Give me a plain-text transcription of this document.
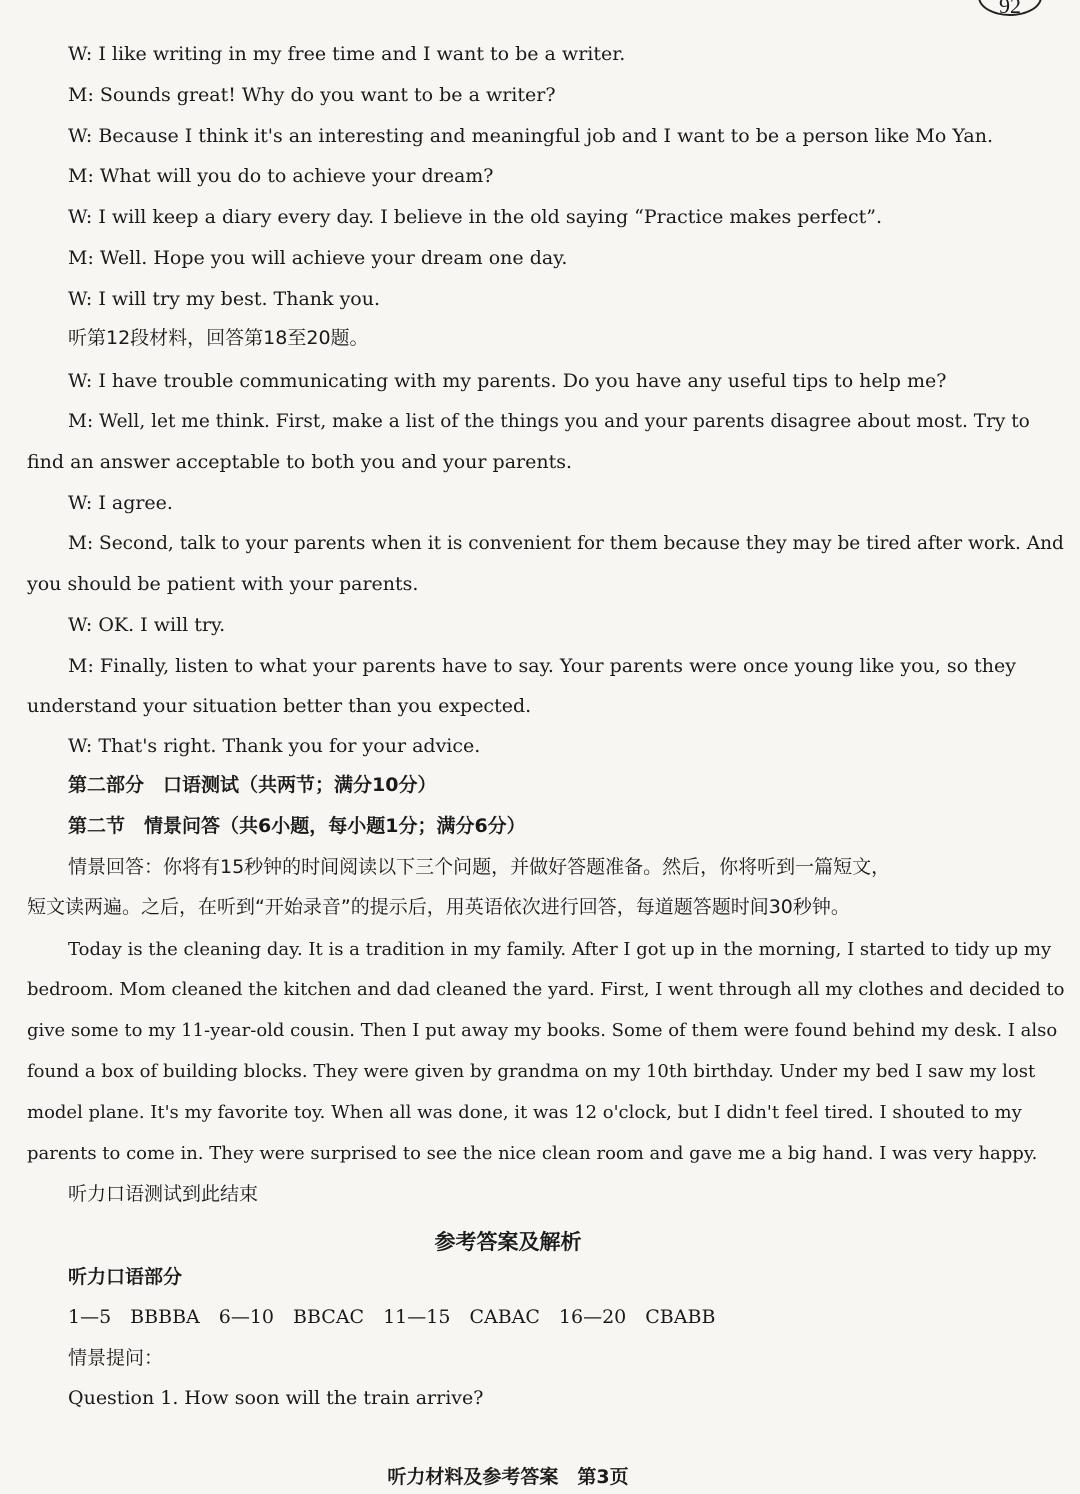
92
W: I like writing in my free time and I want to be a writer.
M: Sounds great! Why do you want to be a writer?
W: Because I think it's an interesting and meaningful job and I want to be a person like Mo Yan.
M: What will you do to achieve your dream?
W: I will keep a diary every day. I believe in the old saying “Practice makes perfect”.
M: Well. Hope you will achieve your dream one day.
W: I will try my best. Thank you.
听第12段材料，回答第18至20题。
W: I have trouble communicating with my parents. Do you have any useful tips to help me?
M: Well, let me think. First, make a list of the things you and your parents disagree about most. Try to
find an answer acceptable to both you and your parents.
W: I agree.
M: Second, talk to your parents when it is convenient for them because they may be tired after work. And
you should be patient with your parents.
W: OK. I will try.
M: Finally, listen to what your parents have to say. Your parents were once young like you, so they
understand your situation better than you expected.
W: That's right. Thank you for your advice.
第二部分　口语测试（共两节；满分10分）
第二节　情景问答（共6小题，每小题1分；满分6分）
情景回答：你将有15秒钟的时间阅读以下三个问题，并做好答题准备。然后，你将听到一篇短文，
短文读两遍。之后，在听到“开始录音”的提示后，用英语依次进行回答，每道题答题时间30秒钟。
Today is the cleaning day. It is a tradition in my family. After I got up in the morning, I started to tidy up my
bedroom. Mom cleaned the kitchen and dad cleaned the yard. First, I went through all my clothes and decided to
give some to my 11-year-old cousin. Then I put away my books. Some of them were found behind my desk. I also
found a box of building blocks. They were given by grandma on my 10th birthday. Under my bed I saw my lost
model plane. It's my favorite toy. When all was done, it was 12 o'clock, but I didn't feel tired. I shouted to my
parents to come in. They were surprised to see the nice clean room and gave me a big hand. I was very happy.
听力口语测试到此结束
参考答案及解析
听力口语部分
1—5　BBBBA　6—10　BBCAC　11—15　CABAC　16—20　CBABB
情景提问：
Question 1. How soon will the train arrive?
听力材料及参考答案　第3页
